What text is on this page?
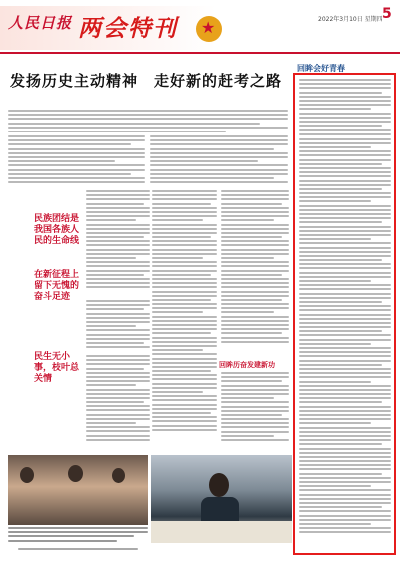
人民日报 两会特刊
★	2022年3月10日 星期四 5
发扬历史主动精神　走好新的赶考之路
民族团结是我国各族人民的生命线
在新征程上留下无愧的奋斗足迹
民生无小事，枝叶总关情
回眸历奋发建新功
回眸会好青春
